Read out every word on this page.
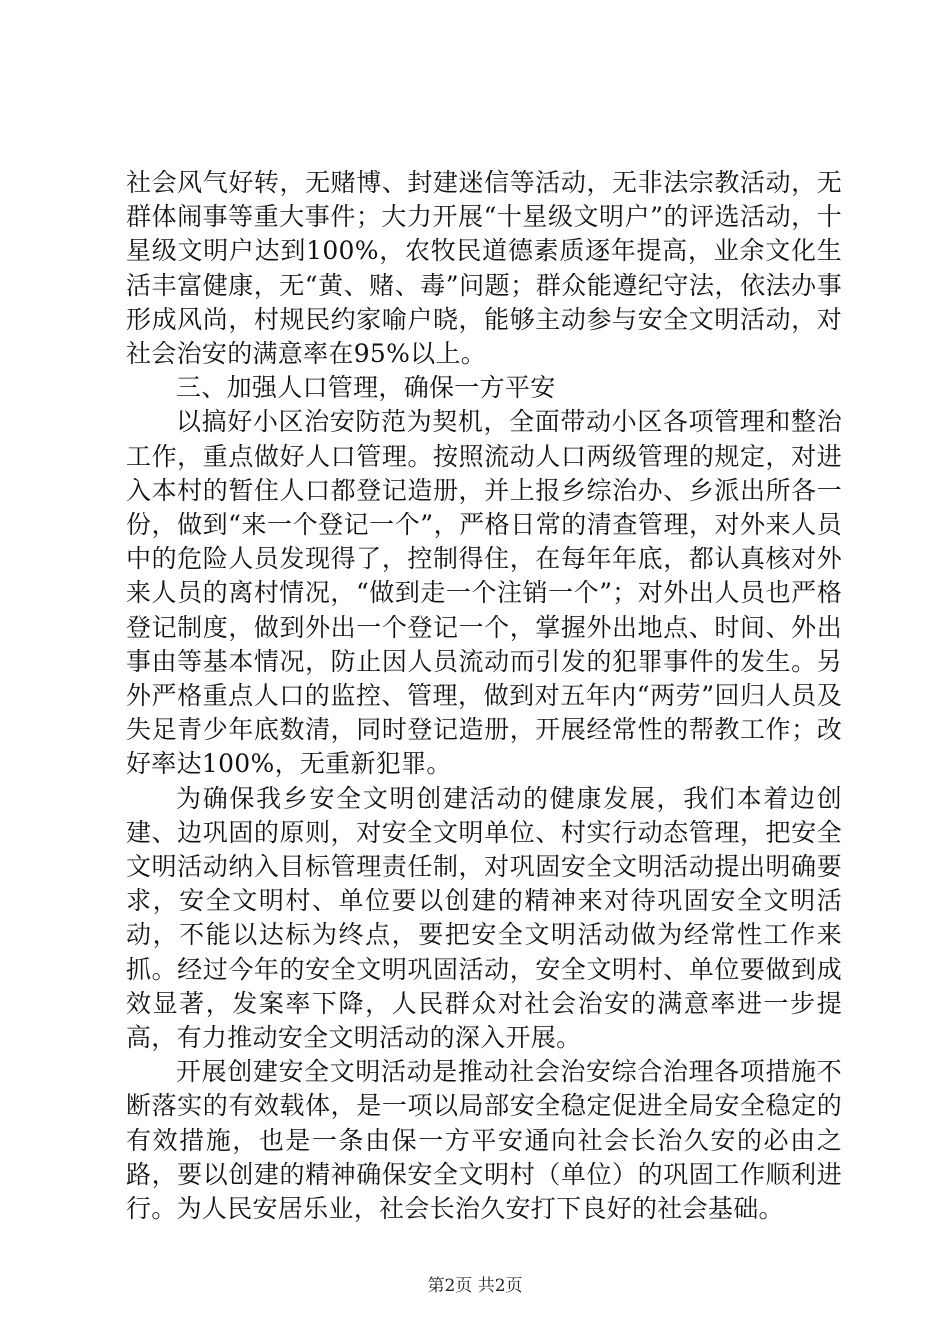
社会风气好转，无赌博、封建迷信等活动，无非法宗教活动，无群体闹事等重大事件；大力开展“十星级文明户”的评选活动，十星级文明户达到100%，农牧民道德素质逐年提高，业余文化生活丰富健康，无“黄、赌、毒”问题；群众能遵纪守法，依法办事形成风尚，村规民约家喻户晓，能够主动参与安全文明活动，对社会治安的满意率在95%以上。

三、加强人口管理，确保一方平安

以搞好小区治安防范为契机，全面带动小区各项管理和整治工作，重点做好人口管理。按照流动人口两级管理的规定，对进入本村的暂住人口都登记造册，并上报乡综治办、乡派出所各一份，做到“来一个登记一个”，严格日常的清查管理，对外来人员中的危险人员发现得了，控制得住，在每年年底，都认真核对外来人员的离村情况，“做到走一个注销一个”；对外出人员也严格登记制度，做到外出一个登记一个，掌握外出地点、时间、外出事由等基本情况，防止因人员流动而引发的犯罪事件的发生。另外严格重点人口的监控、管理，做到对五年内“两劳”回归人员及失足青少年底数清，同时登记造册，开展经常性的帮教工作；改好率达100%，无重新犯罪。

为确保我乡安全文明创建活动的健康发展，我们本着边创建、边巩固的原则，对安全文明单位、村实行动态管理，把安全文明活动纳入目标管理责任制，对巩固安全文明活动提出明确要求，安全文明村、单位要以创建的精神来对待巩固安全文明活动，不能以达标为终点，要把安全文明活动做为经常性工作来抓。经过今年的安全文明巩固活动，安全文明村、单位要做到成效显著，发案率下降，人民群众对社会治安的满意率进一步提高，有力推动安全文明活动的深入开展。

开展创建安全文明活动是推动社会治安综合治理各项措施不断落实的有效载体，是一项以局部安全稳定促进全局安全稳定的有效措施，也是一条由保一方平安通向社会长治久安的必由之路，要以创建的精神确保安全文明村（单位）的巩固工作顺利进行。为人民安居乐业，社会长治久安打下良好的社会基础。

第2页 共2页
